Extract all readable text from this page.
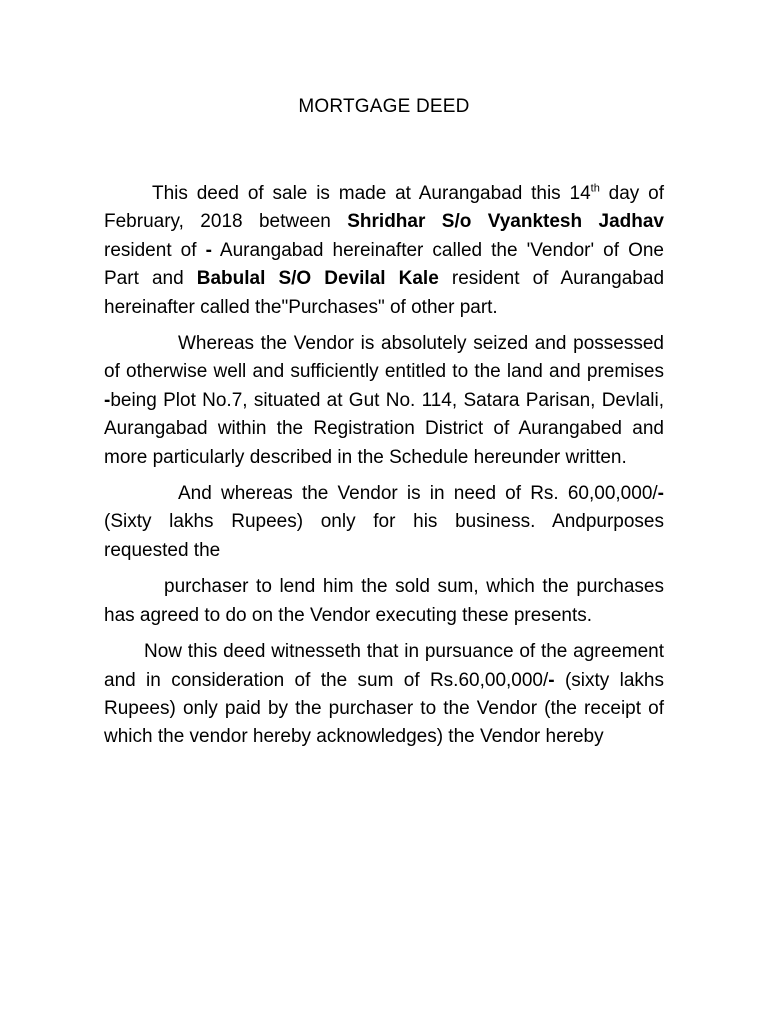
MORTGAGE DEED

This deed of sale is made at Aurangabad this 14th day of February, 2018 between Shridhar S/o Vyanktesh Jadhav resident of - Aurangabad hereinafter called the 'Vendor' of One Part and Babulal S/O Devilal Kale resident of Aurangabad hereinafter called the"Purchases" of other part.

Whereas the Vendor is absolutely seized and possessed of otherwise well and sufficiently entitled to the land and premises -being Plot No.7, situated at Gut No. 114, Satara Parisan, Devlali, Aurangabad within the Registration District of Aurangabed and more particularly described in the Schedule hereunder written.

And whereas the Vendor is in need of Rs. 60,00,000/- (Sixty lakhs Rupees) only for his business. Andpurposes requested the

purchaser to lend him the sold sum, which the purchases has agreed to do on the Vendor executing these presents.

Now this deed witnesseth that in pursuance of the agreement and in consideration of the sum of Rs.60,00,000/- (sixty lakhs Rupees) only paid by the purchaser to the Vendor (the receipt of which the vendor hereby acknowledges) the Vendor hereby
